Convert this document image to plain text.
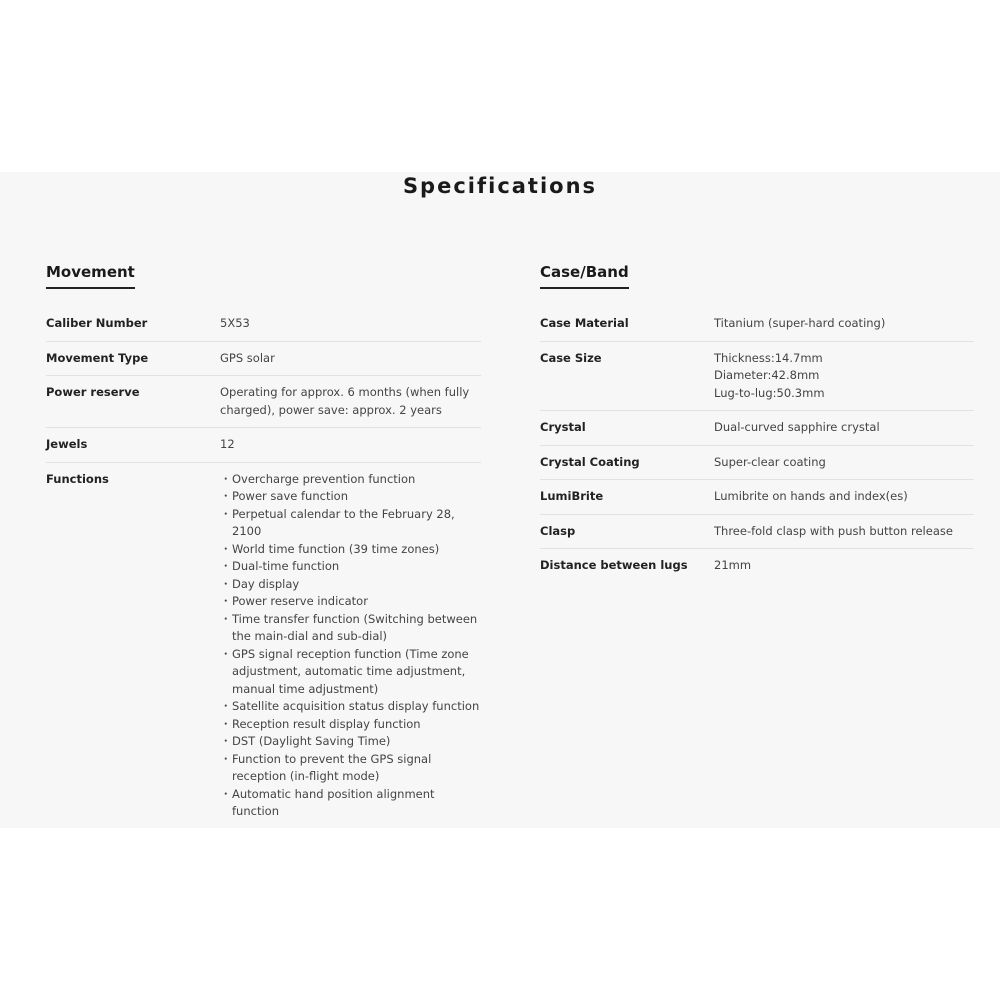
Specifications
Movement
Caliber Number	5X53
Movement Type	GPS solar
Power reserve	Operating for approx. 6 months (when fully charged), power save: approx. 2 years
Jewels	12
Functions	・ Overcharge prevention function
・ Power save function
・ Perpetual calendar to the February 28, 2100
・ World time function (39 time zones)
・ Dual-time function
・ Day display
・ Power reserve indicator
・ Time transfer function (Switching between the main-dial and sub-dial)
・ GPS signal reception function (Time zone adjustment, automatic time adjustment, manual time adjustment)
・ Satellite acquisition status display function
・ Reception result display function
・ DST (Daylight Saving Time)
・ Function to prevent the GPS signal reception (in-flight mode)
・ Automatic hand position alignment function
Case/Band
Case Material	Titanium (super-hard coating)
Case Size	Thickness:14.7mm
Diameter:42.8mm
Lug-to-lug:50.3mm
Crystal	Dual-curved sapphire crystal
Crystal Coating	Super-clear coating
LumiBrite	Lumibrite on hands and index(es)
Clasp	Three-fold clasp with push button release
Distance between lugs	21mm
